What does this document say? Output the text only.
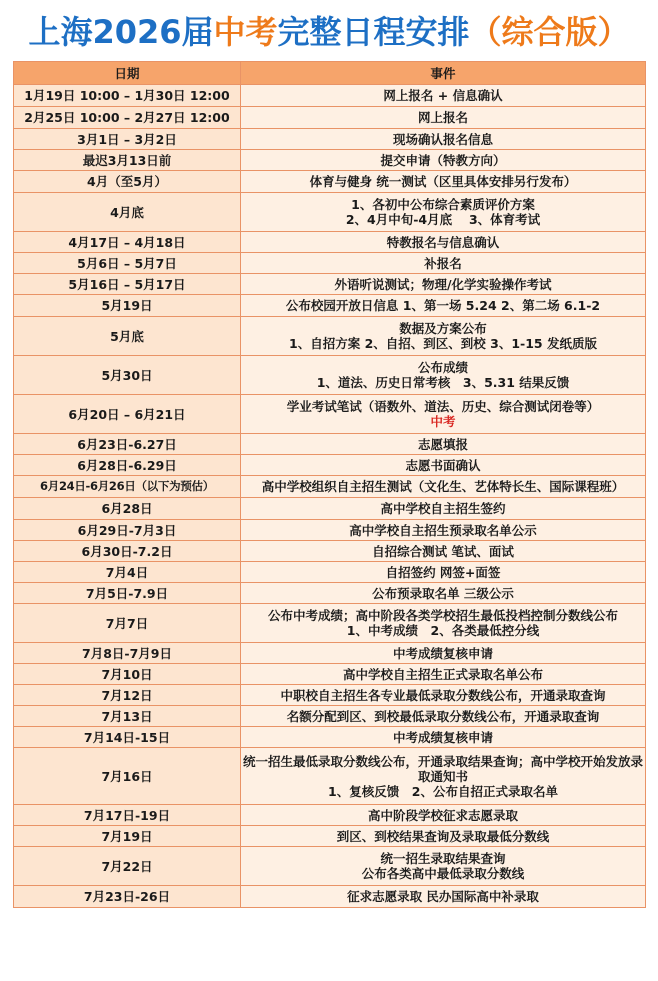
上海2026届中考完整日程安排（综合版）
日期	事件
1月19日 10:00 – 1月30日 12:00	网上报名 + 信息确认
2月25日 10:00 – 2月27日 12:00	网上报名
3月1日 – 3月2日	现场确认报名信息
最迟3月13日前	提交申请（特教方向）
4月（至5月）	体育与健身 统一测试（区里具体安排另行发布）
4月底	1、各初中公布综合素质评价方案
2、4月中旬-4月底　 3、体育考试
4月17日 – 4月18日	特教报名与信息确认
5月6日 – 5月7日	补报名
5月16日 – 5月17日	外语听说测试；物理/化学实验操作考试
5月19日	公布校园开放日信息 1、第一场 5.24 2、第二场 6.1-2
5月底	数据及方案公布
1、自招方案 2、自招、到区、到校 3、1-15 发纸质版
5月30日	公布成绩
1、道法、历史日常考核　3、5.31 结果反馈
6月20日 – 6月21日	学业考试笔试（语数外、道法、历史、综合测试闭卷等）
中考
6月23日-6.27日	志愿填报
6月28日-6.29日	志愿书面确认
6月24日-6月26日（以下为预估）	高中学校组织自主招生测试（文化生、艺体特长生、国际课程班）
6月28日	高中学校自主招生签约
6月29日-7月3日	高中学校自主招生预录取名单公示
6月30日-7.2日	自招综合测试 笔试、面试
7月4日	自招签约 网签+面签
7月5日-7.9日	公布预录取名单 三级公示
7月7日	公布中考成绩；高中阶段各类学校招生最低投档控制分数线公布
1、中考成绩　2、各类最低控分线
7月8日-7月9日	中考成绩复核申请
7月10日	高中学校自主招生正式录取名单公布
7月12日	中职校自主招生各专业最低录取分数线公布，开通录取查询
7月13日	名额分配到区、到校最低录取分数线公布，开通录取查询
7月14日-15日	中考成绩复核申请
7月16日	统一招生最低录取分数线公布，开通录取结果查询；高中学校开始发放录取通知书
1、复核反馈　2、公布自招正式录取名单
7月17日-19日	高中阶段学校征求志愿录取
7月19日	到区、到校结果查询及录取最低分数线
7月22日	统一招生录取结果查询
公布各类高中最低录取分数线
7月23日-26日	征求志愿录取 民办国际高中补录取
